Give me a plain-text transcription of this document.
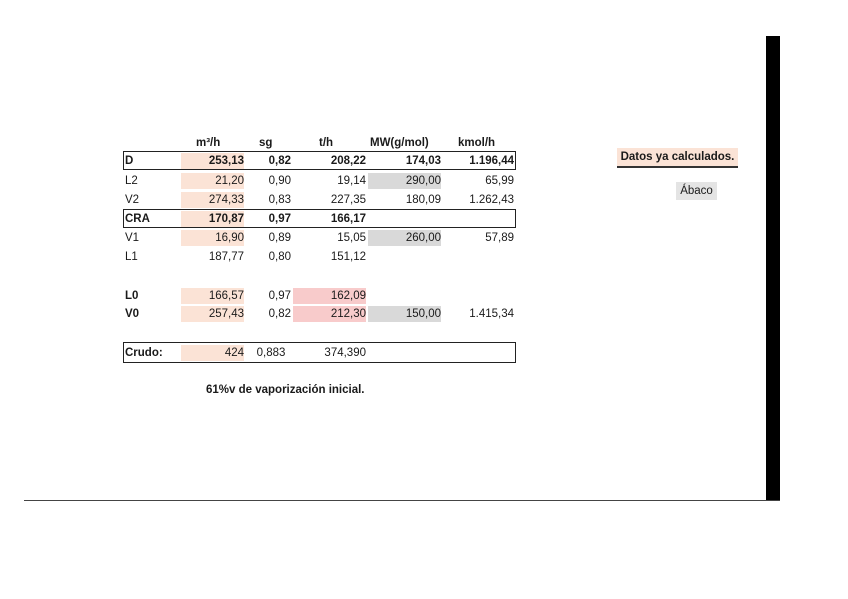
m³/h	sg	t/h	MW(g/mol)	kmol/h
D	253,13	0,82	208,22	174,03	1.196,44
L2	21,20	0,90	19,14	290,00	65,99
V2	274,33	0,83	227,35	180,09	1.262,43
CRA	170,87	0,97	166,17
V1	16,90	0,89	15,05	260,00	57,89
L1	187,77	0,80	151,12
L0	166,57	0,97	162,09
V0	257,43	0,82	212,30	150,00	1.415,34
Crudo:	424	0,883	374,390
61%v de vaporización inicial.
Datos ya calculados.
Ábaco
